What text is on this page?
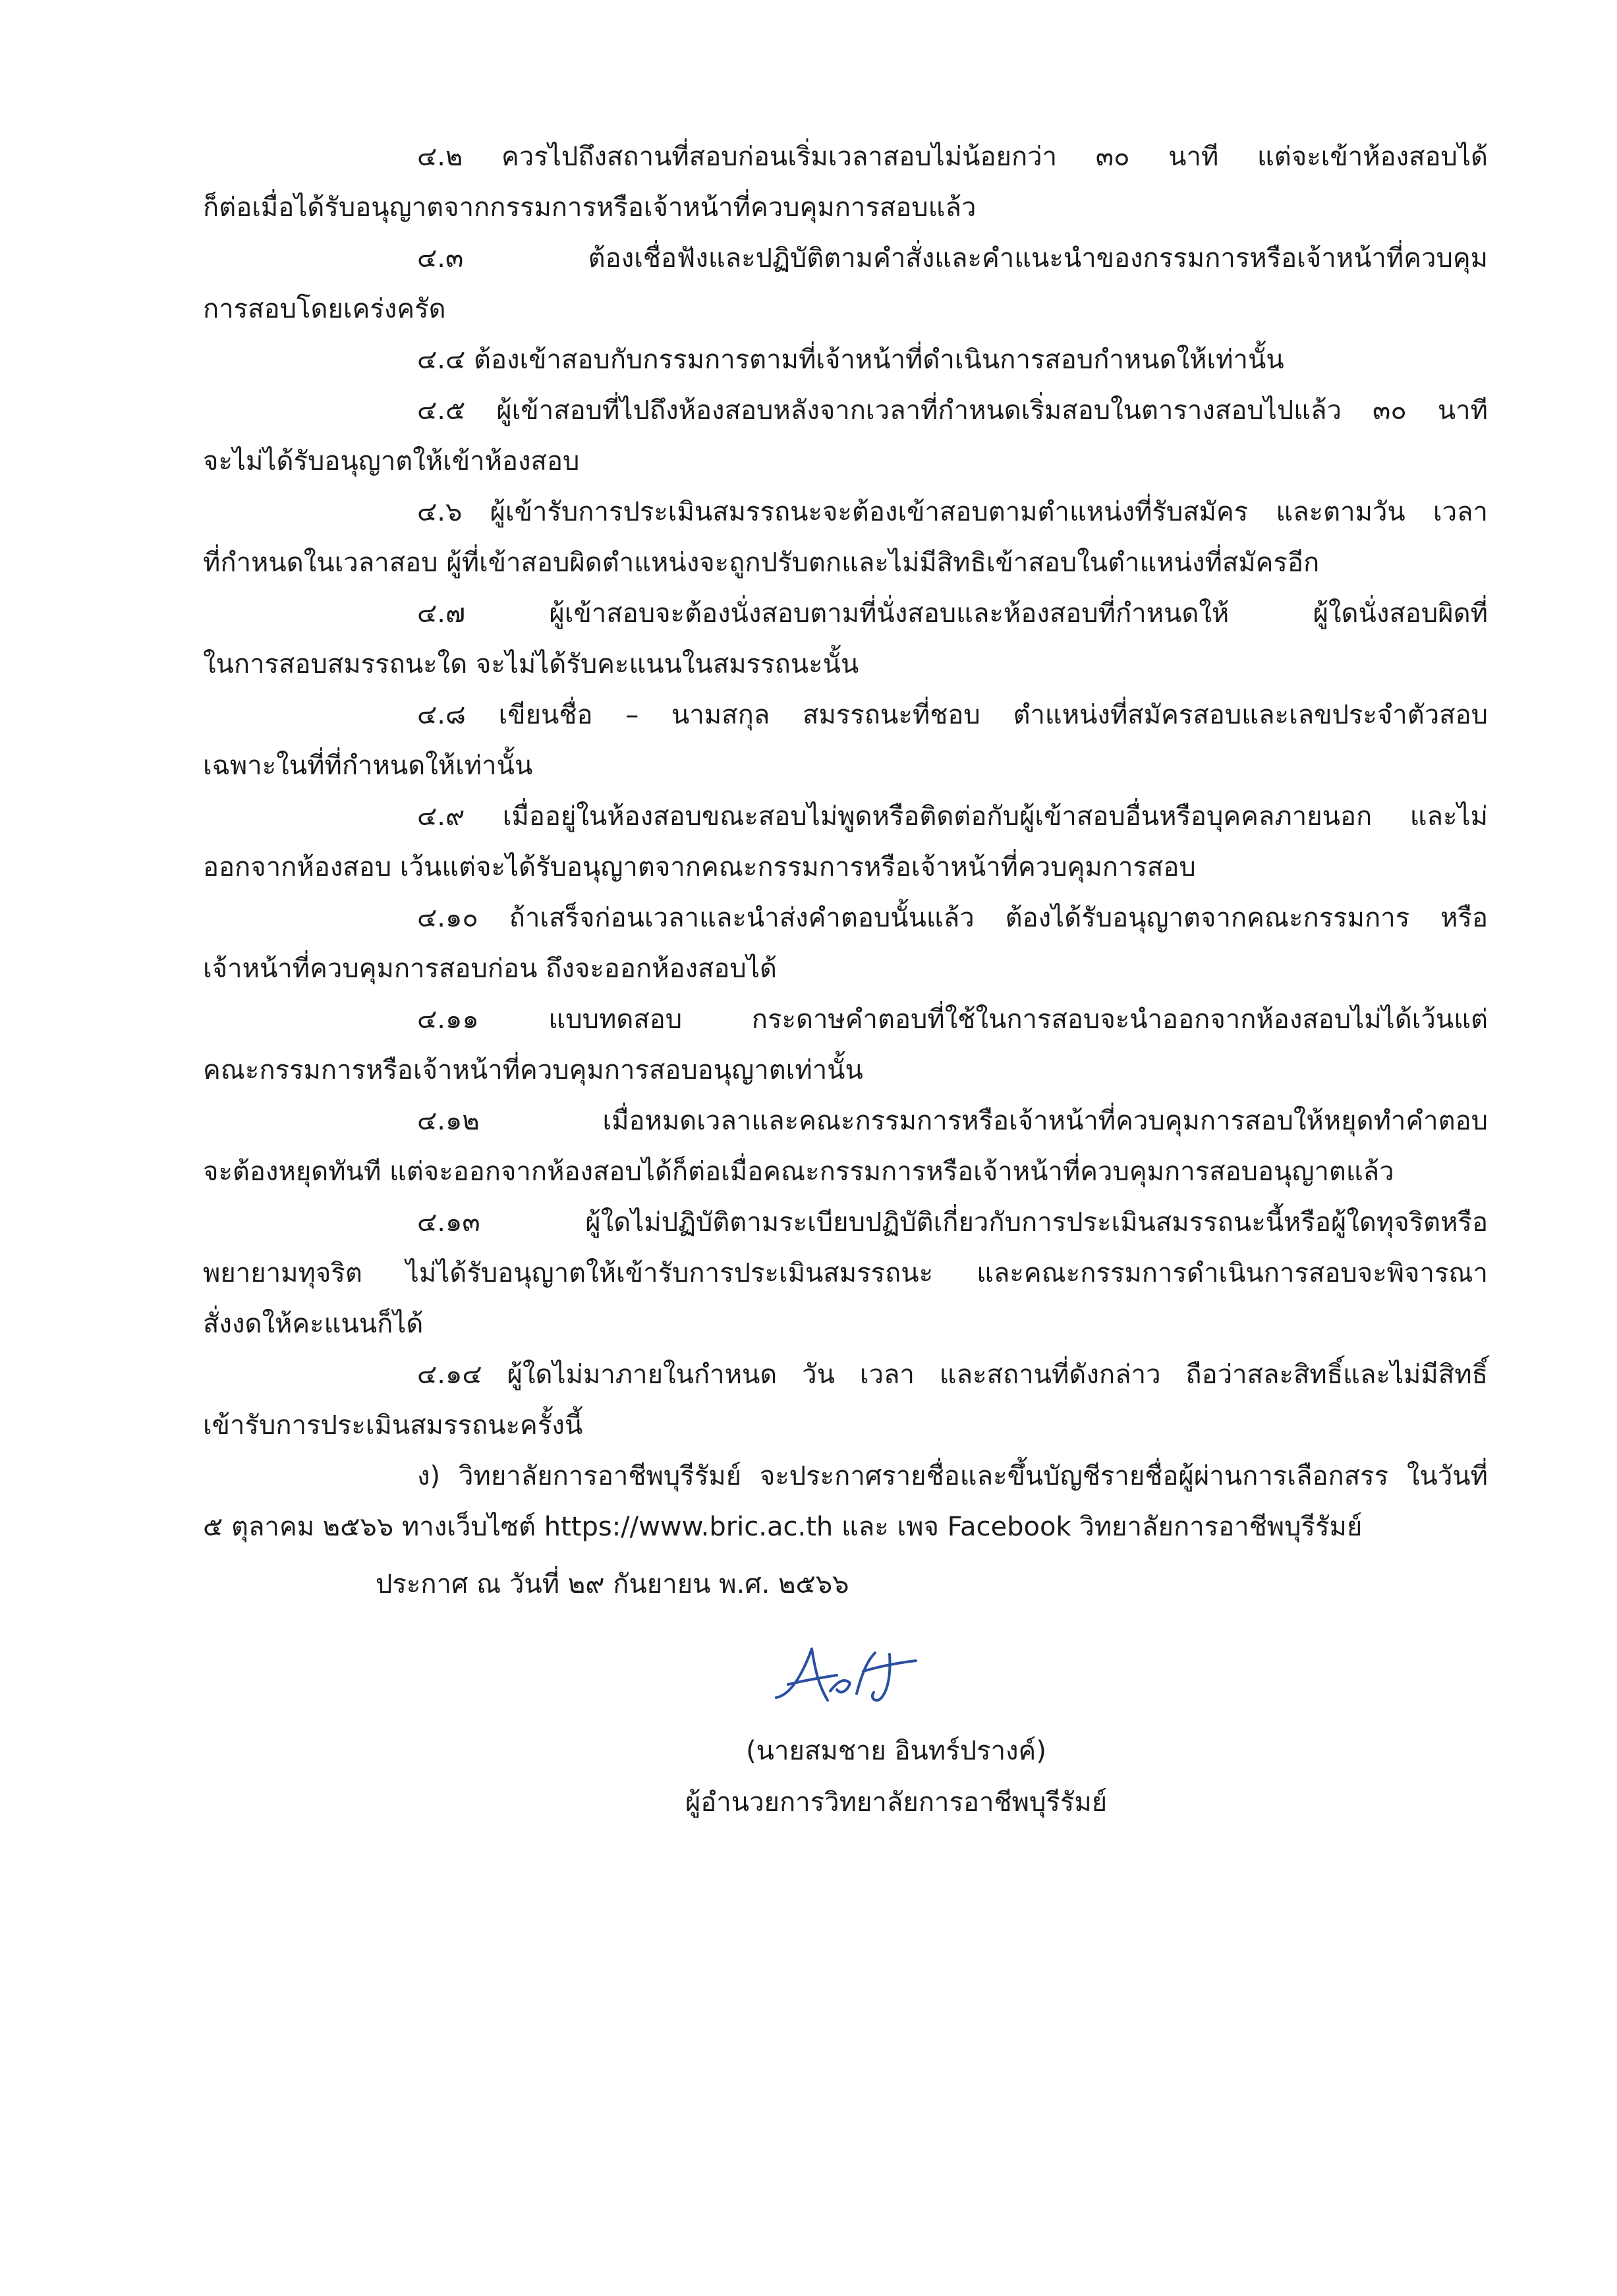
๔.๒ ควรไปถึงสถานที่สอบก่อนเริ่มเวลาสอบไม่น้อยกว่า ๓๐ นาที แต่จะเข้าห้องสอบได้
ก็ต่อเมื่อได้รับอนุญาตจากกรรมการหรือเจ้าหน้าที่ควบคุมการสอบแล้ว
๔.๓ ต้องเชื่อฟังและปฏิบัติตามคำสั่งและคำแนะนำของกรรมการหรือเจ้าหน้าที่ควบคุม
การสอบโดยเคร่งครัด
๔.๔ ต้องเข้าสอบกับกรรมการตามที่เจ้าหน้าที่ดำเนินการสอบกำหนดให้เท่านั้น
๔.๕ ผู้เข้าสอบที่ไปถึงห้องสอบหลังจากเวลาที่กำหนดเริ่มสอบในตารางสอบไปแล้ว ๓๐ นาที
จะไม่ได้รับอนุญาตให้เข้าห้องสอบ
๔.๖ ผู้เข้ารับการประเมินสมรรถนะจะต้องเข้าสอบตามตำแหน่งที่รับสมัคร และตามวัน เวลา
ที่กำหนดในเวลาสอบ ผู้ที่เข้าสอบผิดตำแหน่งจะถูกปรับตกและไม่มีสิทธิเข้าสอบในตำแหน่งที่สมัครอีก
๔.๗ ผู้เข้าสอบจะต้องนั่งสอบตามที่นั่งสอบและห้องสอบที่กำหนดให้ ผู้ใดนั่งสอบผิดที่
ในการสอบสมรรถนะใด จะไม่ได้รับคะแนนในสมรรถนะนั้น
๔.๘ เขียนชื่อ – นามสกุล สมรรถนะที่ชอบ ตำแหน่งที่สมัครสอบและเลขประจำตัวสอบ
เฉพาะในที่ที่กำหนดให้เท่านั้น
๔.๙ เมื่ออยู่ในห้องสอบขณะสอบไม่พูดหรือติดต่อกับผู้เข้าสอบอื่นหรือบุคคลภายนอก และไม่
ออกจากห้องสอบ เว้นแต่จะได้รับอนุญาตจากคณะกรรมการหรือเจ้าหน้าที่ควบคุมการสอบ
๔.๑๐ ถ้าเสร็จก่อนเวลาและนำส่งคำตอบนั้นแล้ว ต้องได้รับอนุญาตจากคณะกรรมการ หรือ
เจ้าหน้าที่ควบคุมการสอบก่อน ถึงจะออกห้องสอบได้
๔.๑๑ แบบทดสอบ กระดาษคำตอบที่ใช้ในการสอบจะนำออกจากห้องสอบไม่ได้เว้นแต่
คณะกรรมการหรือเจ้าหน้าที่ควบคุมการสอบอนุญาตเท่านั้น
๔.๑๒ เมื่อหมดเวลาและคณะกรรมการหรือเจ้าหน้าที่ควบคุมการสอบให้หยุดทำคำตอบ
จะต้องหยุดทันที แต่จะออกจากห้องสอบได้ก็ต่อเมื่อคณะกรรมการหรือเจ้าหน้าที่ควบคุมการสอบอนุญาตแล้ว
๔.๑๓ ผู้ใดไม่ปฏิบัติตามระเบียบปฏิบัติเกี่ยวกับการประเมินสมรรถนะนี้หรือผู้ใดทุจริตหรือ
พยายามทุจริต ไม่ได้รับอนุญาตให้เข้ารับการประเมินสมรรถนะ และคณะกรรมการดำเนินการสอบจะพิจารณา
สั่งงดให้คะแนนก็ได้
๔.๑๔ ผู้ใดไม่มาภายในกำหนด วัน เวลา และสถานที่ดังกล่าว ถือว่าสละสิทธิ์และไม่มีสิทธิ์
เข้ารับการประเมินสมรรถนะครั้งนี้
ง) วิทยาลัยการอาชีพบุรีรัมย์ จะประกาศรายชื่อและขึ้นบัญชีรายชื่อผู้ผ่านการเลือกสรร ในวันที่
๕ ตุลาคม ๒๕๖๖ ทางเว็บไซต์ https://www.bric.ac.th และ เพจ Facebook วิทยาลัยการอาชีพบุรีรัมย์
ประกาศ ณ วันที่ ๒๙ กันยายน พ.ศ. ๒๕๖๖
(นายสมชาย อินทร์ปรางค์)
ผู้อำนวยการวิทยาลัยการอาชีพบุรีรัมย์
